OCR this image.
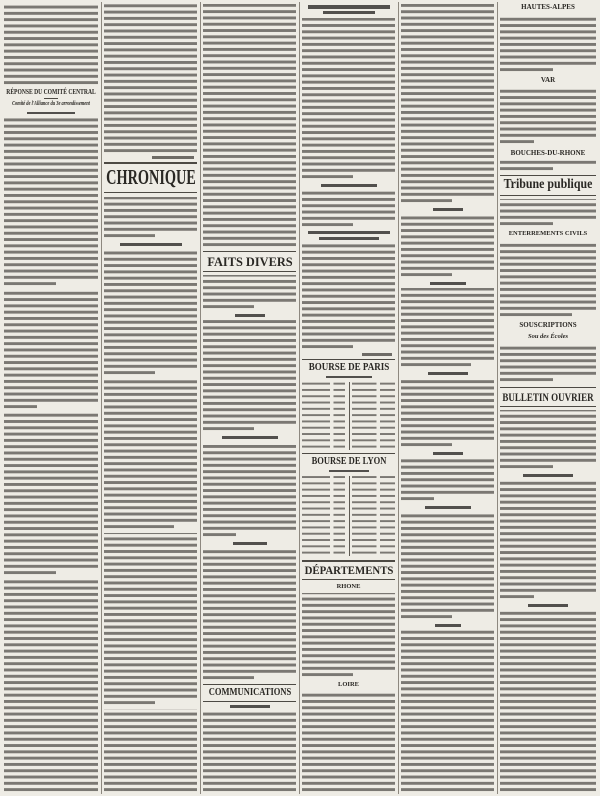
RÉPONSE DU COMITÉ CENTRAL
Comité de l'Alliance du 3e arrondissement
CHRONIQUE
FAITS DIVERS
COMMUNICATIONS
BOURSE DE PARIS
BOURSE DE LYON
DÉPARTEMENTS
RHONE
LOIRE
HAUTES-ALPES
VAR
BOUCHES-DU-RHONE
Tribune publique
ENTERREMENTS CIVILS
SOUSCRIPTIONS
Sou des Écoles
BULLETIN OUVRIER
